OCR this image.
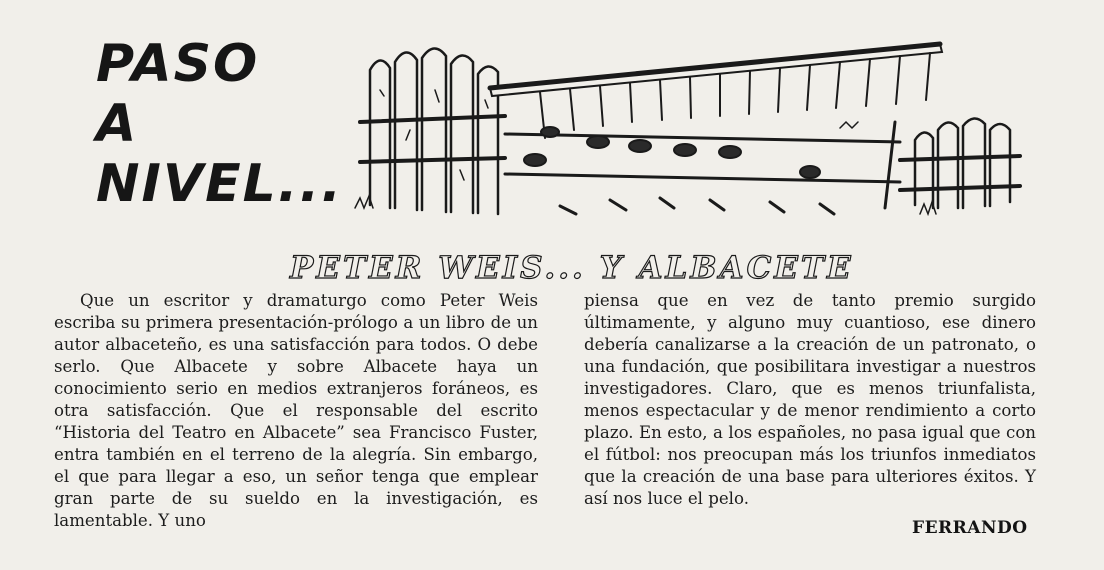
PASO
A
NIVEL...
PETER WEIS... Y ALBACETE

Que un escritor y dramaturgo como Peter Weis escriba su primera presentación-prólogo a un libro de un autor albaceteño, es una satisfacción para todos. O debe serlo. Que Albacete y sobre Albacete haya un conocimiento serio en medios extranjeros foráneos, es otra satisfacción. Que el responsable del escrito “Historia del Teatro en Albacete” sea Francisco Fuster, entra también en el terreno de la alegría. Sin embargo, el que para llegar a eso, un señor tenga que emplear gran parte de su sueldo en la investigación, es lamentable. Y uno

piensa que en vez de tanto premio surgido últimamente, y alguno muy cuantioso, ese dinero debería canalizarse a la creación de un patronato, o una fundación, que posibilitara investigar a nuestros investigadores. Claro, que es menos triunfalista, menos espectacular y de menor rendimiento a corto plazo. En esto, a los españoles, no pasa igual que con el fútbol: nos preocupan más los triunfos inmediatos que la creación de una base para ulteriores éxitos. Y así nos luce el pelo.

FERRANDO
